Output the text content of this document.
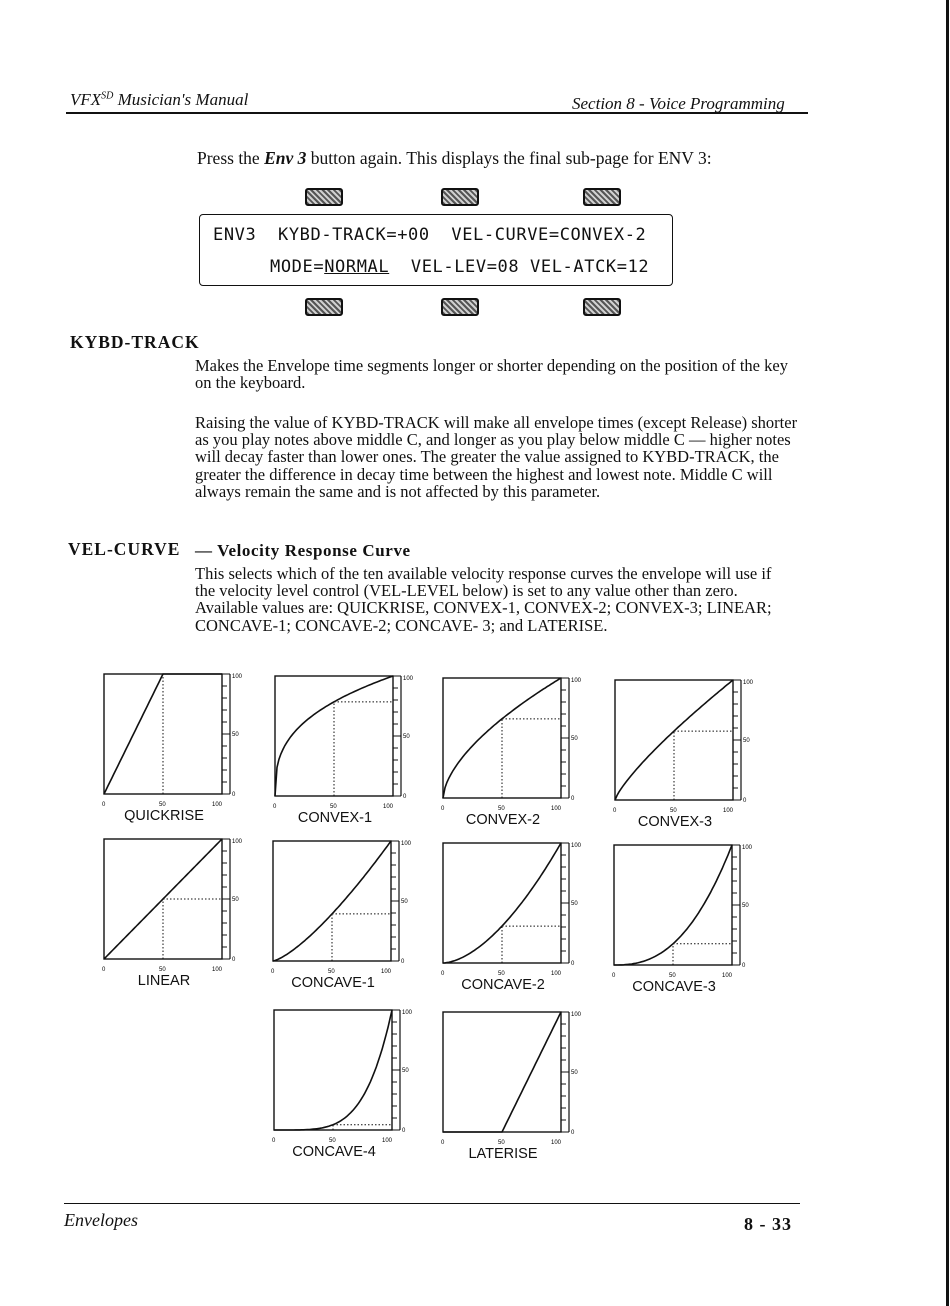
$VFX^{SD}$ Musician's Manual	Section 8 - Voice Programming
Press the Env 3 button again. This displays the final sub-page for ENV 3:
ENV3  KYBD-TRACK=+00  VEL-CURVE=CONVEX-2
MODE=NORMAL  VEL-LEV=08 VEL-ATCK=12
KYBD-TRACK
Makes the Envelope time segments longer or shorter depending on the position of the key on the keyboard.
Raising the value of KYBD-TRACK will make all envelope times (except Release) shorter as you play notes above middle C, and longer as you play below middle C — higher notes will decay faster than lower ones. The greater the value assigned to KYBD-TRACK, the greater the difference in decay time between the highest and lowest note. Middle C will always remain the same and is not affected by this parameter.
VEL-CURVE — Velocity Response Curve
This selects which of the ten available velocity response curves the envelope will use if the velocity level control (VEL-LEVEL below) is set to any value other than zero. Available values are: QUICKRISE, CONVEX-1, CONVEX-2; CONVEX-3; LINEAR; CONCAVE-1; CONCAVE-2; CONCAVE- 3; and LATERISE.
0	50	100
50
0
100
QUICKRISE
0	50	100
50
0
100
CONVEX-1
0	50	100
50
0
100
CONVEX-2
0	50	100
50
0
100
CONVEX-3
0	50	100
50
0
100
LINEAR
0	50	100
50
0
100
CONCAVE-1
0	50	100
50
0
100
CONCAVE-2
0	50	100
50
0
100
CONCAVE-3
0	50	100
50
0
100
CONCAVE-4
0	50	100
50
0
100
LATERISE
Envelopes	8 - 33
